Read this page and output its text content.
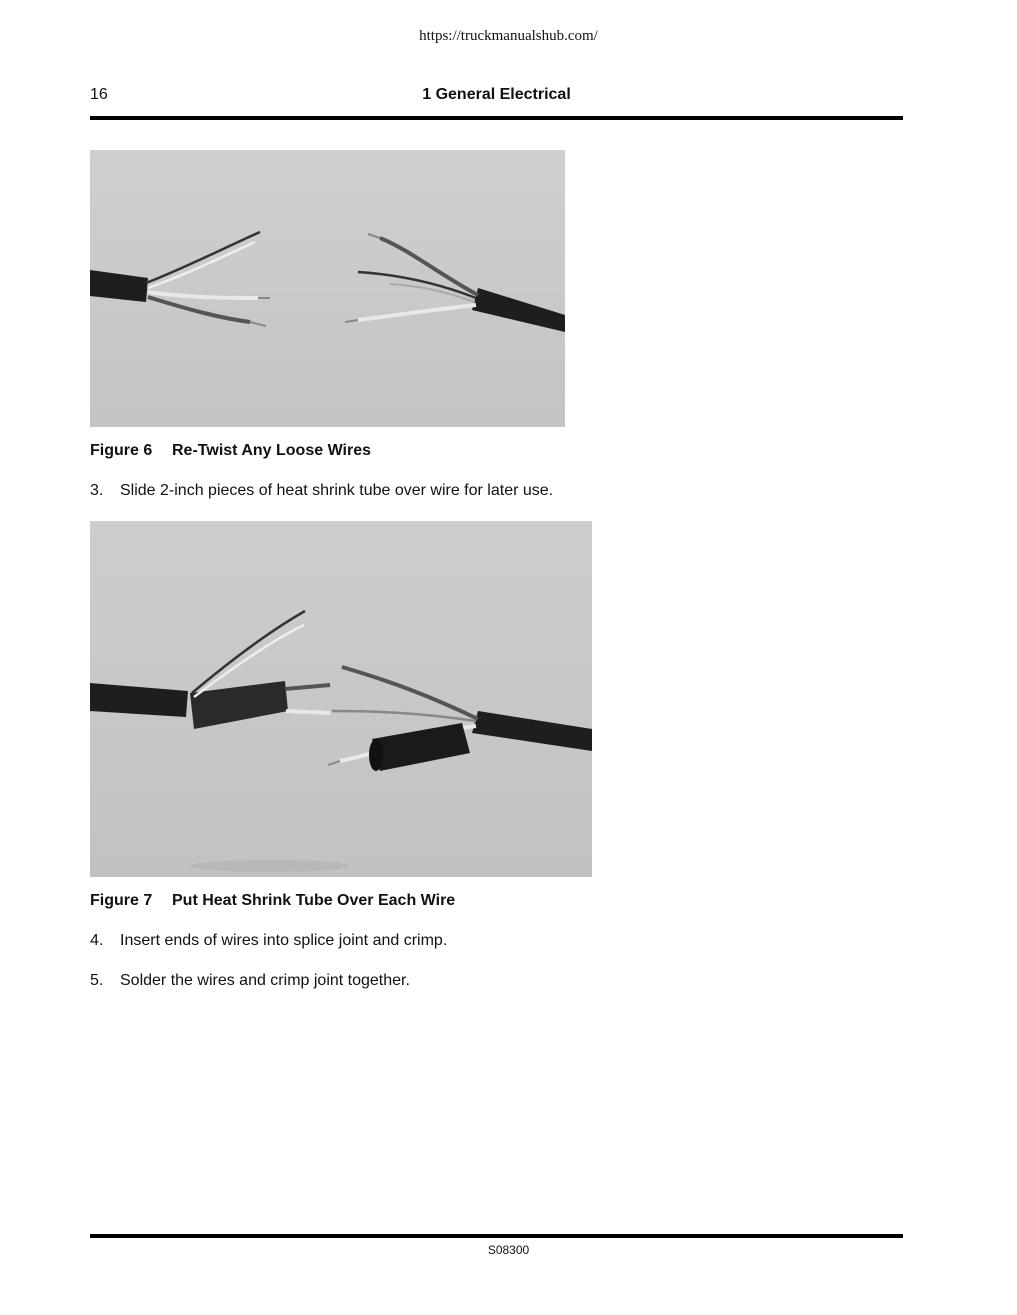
https://truckmanualshub.com/
16	1 General Electrical
Figure 6 Re-Twist Any Loose Wires
3. Slide 2-inch pieces of heat shrink tube over wire for later use.
Figure 7 Put Heat Shrink Tube Over Each Wire
4. Insert ends of wires into splice joint and crimp.
5. Solder the wires and crimp joint together.
S08300
